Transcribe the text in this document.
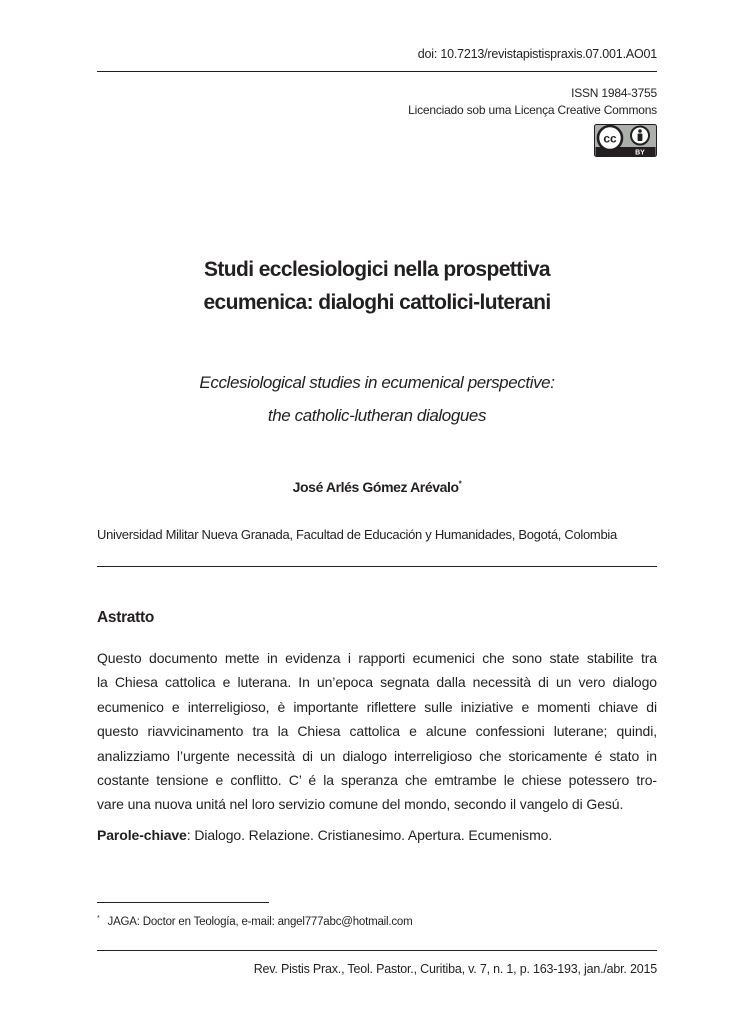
doi: 10.7213/revistapistispraxis.07.001.AO01
ISSN 1984-3755
Licenciado sob uma Licença Creative Commons
cc
BY
Studi ecclesiologici nella prospettiva
ecumenica: dialoghi cattolici-luterani
Ecclesiological studies in ecumenical perspective:
the catholic-lutheran dialogues
José Arlés Gómez Arévalo*
Universidad Militar Nueva Granada, Facultad de Educación y Humanidades, Bogotá, Colombia
Astratto
Questo documento mette in evidenza i rapporti ecumenici che sono state stabilite tra
la Chiesa cattolica e luterana. In un’epoca segnata dalla necessità di un vero dialogo
ecumenico e interreligioso, è importante riflettere sulle iniziative e momenti chiave di
questo riavvicinamento tra la Chiesa cattolica e alcune confessioni luterane; quindi,
analizziamo l’urgente necessità di un dialogo interreligioso che storicamente é stato in
costante tensione e conflitto. C’ é la speranza che emtrambe le chiese potessero tro-
vare una nuova unitá nel loro servizio comune del mondo, secondo il vangelo di Gesú.
Parole-chiave: Dialogo. Relazione. Cristianesimo. Apertura. Ecumenismo.
* JAGA: Doctor en Teología, e-mail: angel777abc@hotmail.com
Rev. Pistis Prax., Teol. Pastor., Curitiba, v. 7, n. 1, p. 163-193, jan./abr. 2015
